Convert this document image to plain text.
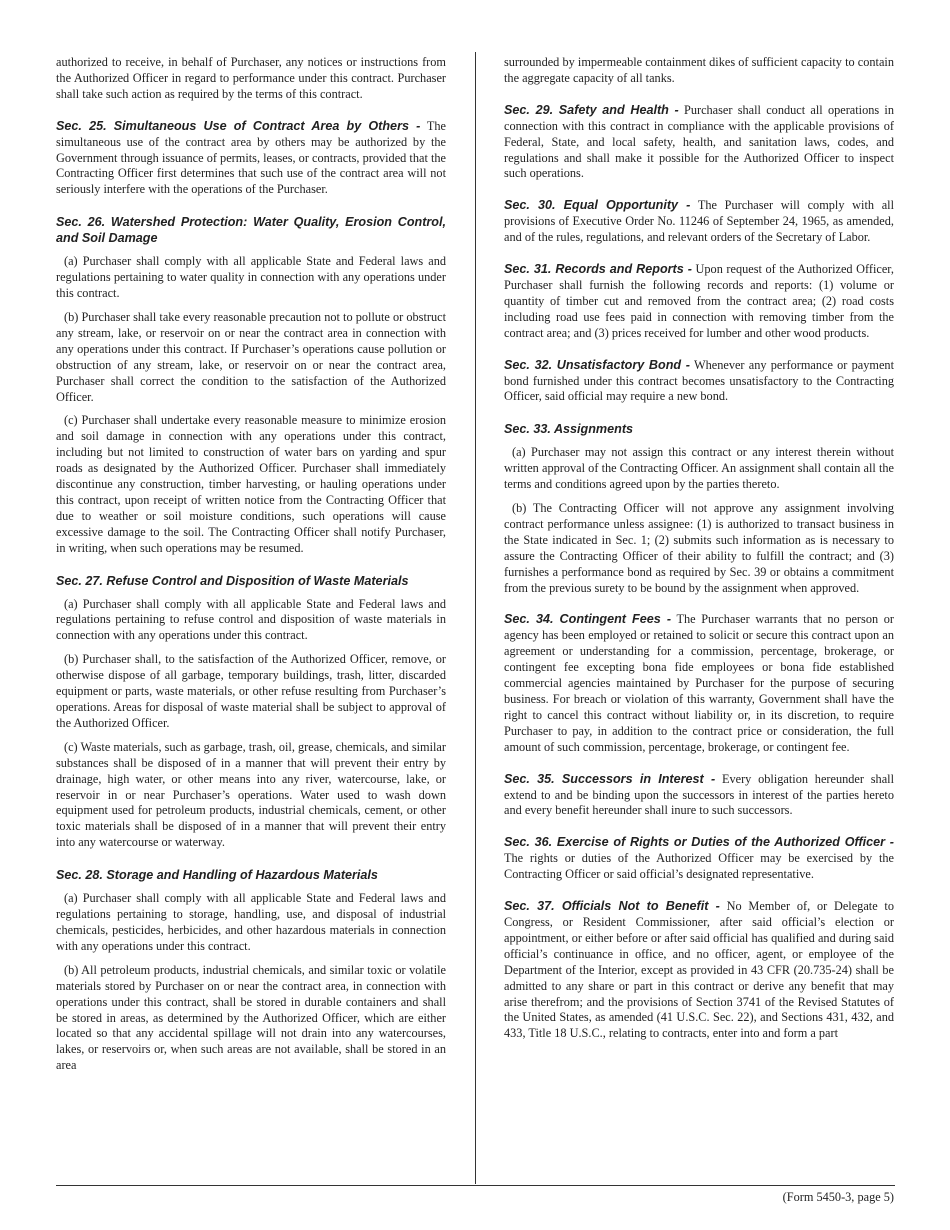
authorized to receive, in behalf of Purchaser, any notices or instructions from the Authorized Officer in regard to performance under this contract. Purchaser shall take such action as required by the terms of this contract.

Sec. 25. Simultaneous Use of Contract Area by Others - The simultaneous use of the contract area by others may be authorized by the Government through issuance of permits, leases, or contracts, provided that the Contracting Officer first determines that such use of the contract area will not seriously interfere with the operations of the Purchaser.

Sec. 26. Watershed Protection: Water Quality, Erosion Control, and Soil Damage

(a) Purchaser shall comply with all applicable State and Federal laws and regulations pertaining to water quality in connection with any operations under this contract.

(b) Purchaser shall take every reasonable precaution not to pollute or obstruct any stream, lake, or reservoir on or near the contract area in connection with any operations under this contract. If Purchaser’s operations cause pollution or obstruction of any stream, lake, or reservoir on or near the contract area, Purchaser shall correct the condition to the satisfaction of the Authorized Officer.

(c) Purchaser shall undertake every reasonable measure to minimize erosion and soil damage in connection with any operations under this contract, including but not limited to construction of water bars on yarding and spur roads as designated by the Authorized Officer. Purchaser shall immediately discontinue any construction, timber harvesting, or hauling operations under this contract, upon receipt of written notice from the Contracting Officer that due to weather or soil moisture conditions, such operations will cause excessive damage to the soil. The Contracting Officer shall notify Purchaser, in writing, when such operations may be resumed.

Sec. 27. Refuse Control and Disposition of Waste Materials

(a) Purchaser shall comply with all applicable State and Federal laws and regulations pertaining to refuse control and disposition of waste materials in connection with any operations under this contract.

(b) Purchaser shall, to the satisfaction of the Authorized Officer, remove, or otherwise dispose of all garbage, temporary buildings, trash, litter, discarded equipment or parts, waste materials, or other refuse resulting from Purchaser’s operations. Areas for disposal of waste material shall be subject to approval of the Authorized Officer.

(c) Waste materials, such as garbage, trash, oil, grease, chemicals, and similar substances shall be disposed of in a manner that will prevent their entry by drainage, high water, or other means into any river, watercourse, lake, or reservoir in or near Purchaser’s operations. Water used to wash down equipment used for petroleum products, industrial chemicals, cement, or other toxic materials shall be disposed of in a manner that will prevent their entry into any watercourse or waterway.

Sec. 28. Storage and Handling of Hazardous Materials

(a) Purchaser shall comply with all applicable State and Federal laws and regulations pertaining to storage, handling, use, and disposal of industrial chemicals, pesticides, herbicides, and other hazardous materials in connection with any operations under this contract.

(b) All petroleum products, industrial chemicals, and similar toxic or volatile materials stored by Purchaser on or near the contract area, in connection with operations under this contract, shall be stored in durable containers and shall be stored in areas, as determined by the Authorized Officer, which are either located so that any accidental spillage will not drain into any watercourses, lakes, or reservoirs or, when such areas are not available, shall be stored in an area

surrounded by impermeable containment dikes of sufficient capacity to contain the aggregate capacity of all tanks.

Sec. 29. Safety and Health - Purchaser shall conduct all operations in connection with this contract in compliance with the applicable provisions of Federal, State, and local safety, health, and sanitation laws, codes, and regulations and shall make it possible for the Authorized Officer to inspect such operations.

Sec. 30. Equal Opportunity - The Purchaser will comply with all provisions of Executive Order No. 11246 of September 24, 1965, as amended, and of the rules, regulations, and relevant orders of the Secretary of Labor.

Sec. 31. Records and Reports - Upon request of the Authorized Officer, Purchaser shall furnish the following records and reports: (1) volume or quantity of timber cut and removed from the contract area; (2) road costs including road use fees paid in connection with removing timber from the contract area; and (3) prices received for lumber and other wood products.

Sec. 32. Unsatisfactory Bond - Whenever any performance or payment bond furnished under this contract becomes unsatisfactory to the Contracting Officer, said official may require a new bond.

Sec. 33. Assignments

(a) Purchaser may not assign this contract or any interest therein without written approval of the Contracting Officer. An assignment shall contain all the terms and conditions agreed upon by the parties thereto.

(b) The Contracting Officer will not approve any assignment involving contract performance unless assignee: (1) is authorized to transact business in the State indicated in Sec. 1; (2) submits such information as is necessary to assure the Contracting Officer of their ability to fulfill the contract; and (3) furnishes a performance bond as required by Sec. 39 or obtains a commitment from the previous surety to be bound by the assignment when approved.

Sec. 34. Contingent Fees - The Purchaser warrants that no person or agency has been employed or retained to solicit or secure this contract upon an agreement or understanding for a commission, percentage, brokerage, or contingent fee excepting bona fide employees or bona fide established commercial agencies maintained by Purchaser for the purpose of securing business. For breach or violation of this warranty, Government shall have the right to cancel this contract without liability or, in its discretion, to require Purchaser to pay, in addition to the contract price or consideration, the full amount of such commission, percentage, brokerage, or contingent fee.

Sec. 35. Successors in Interest - Every obligation hereunder shall extend to and be binding upon the successors in interest of the parties hereto and every benefit hereunder shall inure to such successors.

Sec. 36. Exercise of Rights or Duties of the Authorized Officer - The rights or duties of the Authorized Officer may be exercised by the Contracting Officer or said official’s designated representative.

Sec. 37. Officials Not to Benefit - No Member of, or Delegate to Congress, or Resident Commissioner, after said official’s election or appointment, or either before or after said official has qualified and during said official’s continuance in office, and no officer, agent, or employee of the Department of the Interior, except as provided in 43 CFR (20.735-24) shall be admitted to any share or part in this contract or derive any benefit that may arise therefrom; and the provisions of Section 3741 of the Revised Statutes of the United States, as amended (41 U.S.C. Sec. 22), and Sections 431, 432, and 433, Title 18 U.S.C., relating to contracts, enter into and form a part

(Form 5450-3, page 5)
